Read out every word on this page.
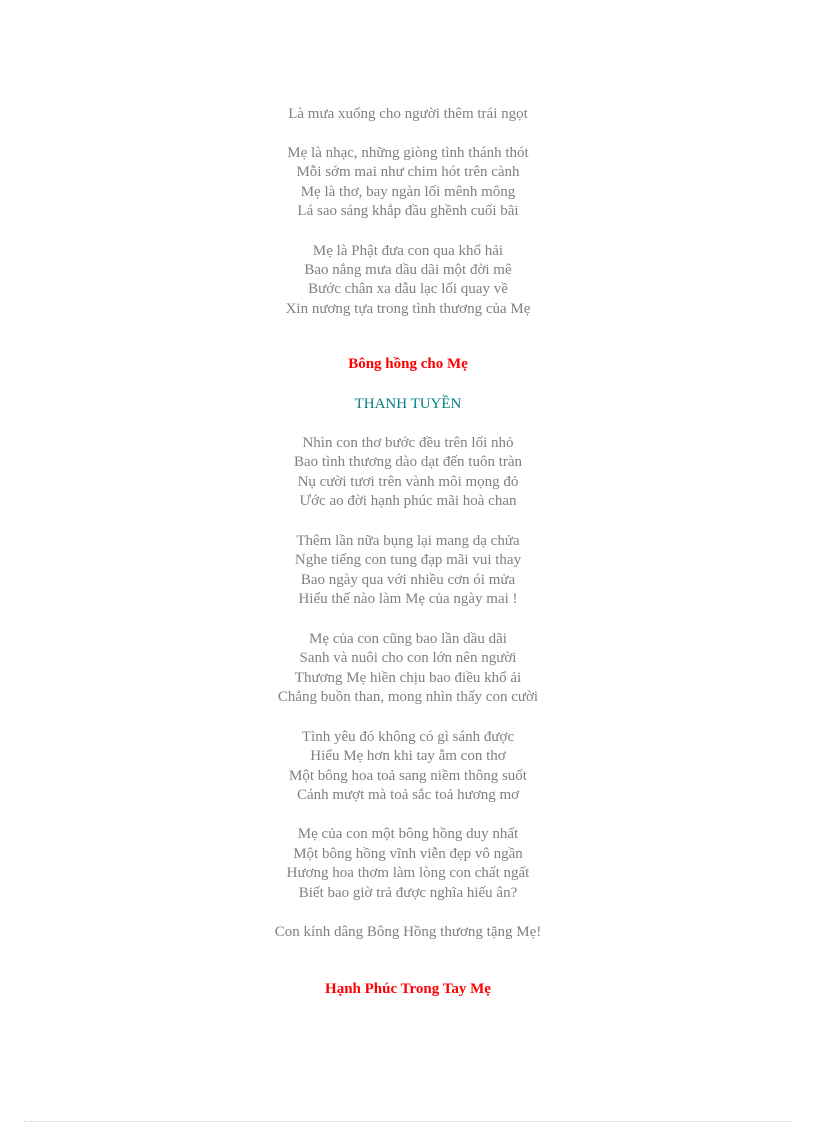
Là mưa xuống cho người thêm trái ngọt
Mẹ là nhạc, những giòng tình thánh thót
Mỗi sớm mai như chim hót trên cành
Mẹ là thơ, bay ngàn lối mênh mông
Lá sao sáng khắp đầu ghềnh cuối bãi
Mẹ là Phật đưa con qua khổ hải
Bao nắng mưa dầu dãi một đời mê
Bước chân xa dẫu lạc lối quay về
Xin nương tựa trong tình thương của Mẹ
Bông hồng cho Mẹ
THANH TUYỀN
Nhìn con thơ bước đều trên lối nhỏ
Bao tình thương dào dạt đến tuôn tràn
Nụ cười tươi trên vành môi mọng đỏ
Ước ao đời hạnh phúc mãi hoà chan
Thêm lần nữa bụng lại mang dạ chửa
Nghe tiếng con tung đạp mãi vui thay
Bao ngày qua với nhiều cơn ói mửa
Hiểu thế nào làm Mẹ của ngày mai !
Mẹ của con cũng bao lần dầu dãi
Sanh và nuôi cho con lớn nên người
Thương Mẹ hiền chịu bao điều khổ ải
Chẳng buồn than, mong nhìn thấy con cười
Tình yêu đó không có gì sánh được
Hiểu Mẹ hơn khi tay ẵm con thơ
Một bông hoa toả sang niềm thông suốt
Cánh mượt mà toả sắc toả hương mơ
Mẹ của con một bông hồng duy nhất
Một bông hồng vĩnh viễn đẹp vô ngần
Hương hoa thơm làm lòng con chất ngất
Biết bao giờ trả được nghĩa hiếu ân?
Con kính dâng Bông Hồng thương tặng Mẹ!
Hạnh Phúc Trong Tay Mẹ
